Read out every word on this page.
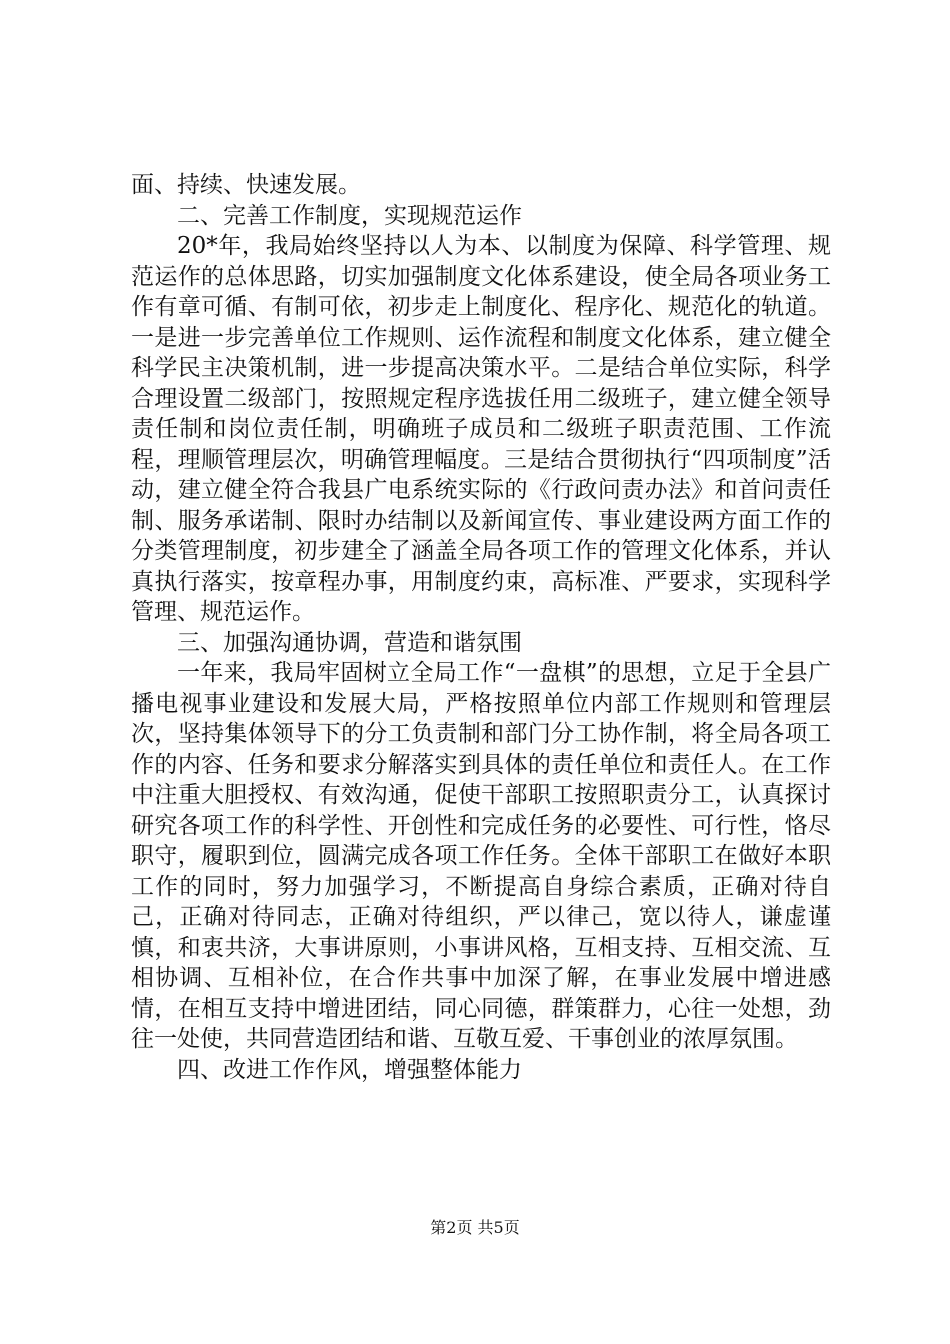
面、持续、快速发展。

二、完善工作制度，实现规范运作

20*年，我局始终坚持以人为本、以制度为保障、科学管理、规范运作的总体思路，切实加强制度文化体系建设，使全局各项业务工作有章可循、有制可依，初步走上制度化、程序化、规范化的轨道。一是进一步完善单位工作规则、运作流程和制度文化体系，建立健全科学民主决策机制，进一步提高决策水平。二是结合单位实际，科学合理设置二级部门，按照规定程序选拔任用二级班子，建立健全领导责任制和岗位责任制，明确班子成员和二级班子职责范围、工作流程，理顺管理层次，明确管理幅度。三是结合贯彻执行“四项制度”活动，建立健全符合我县广电系统实际的《行政问责办法》和首问责任制、服务承诺制、限时办结制以及新闻宣传、事业建设两方面工作的分类管理制度，初步建全了涵盖全局各项工作的管理文化体系，并认真执行落实，按章程办事，用制度约束，高标准、严要求，实现科学管理、规范运作。

三、加强沟通协调，营造和谐氛围

一年来，我局牢固树立全局工作“一盘棋”的思想，立足于全县广播电视事业建设和发展大局，严格按照单位内部工作规则和管理层次，坚持集体领导下的分工负责制和部门分工协作制，将全局各项工作的内容、任务和要求分解落实到具体的责任单位和责任人。在工作中注重大胆授权、有效沟通，促使干部职工按照职责分工，认真探讨研究各项工作的科学性、开创性和完成任务的必要性、可行性，恪尽职守，履职到位，圆满完成各项工作任务。全体干部职工在做好本职工作的同时，努力加强学习，不断提高自身综合素质，正确对待自己，正确对待同志，正确对待组织，严以律己，宽以待人，谦虚谨慎，和衷共济，大事讲原则，小事讲风格，互相支持、互相交流、互相协调、互相补位，在合作共事中加深了解，在事业发展中增进感情，在相互支持中增进团结，同心同德，群策群力，心往一处想，劲往一处使，共同营造团结和谐、互敬互爱、干事创业的浓厚氛围。

四、改进工作作风，增强整体能力

第2页 共5页
